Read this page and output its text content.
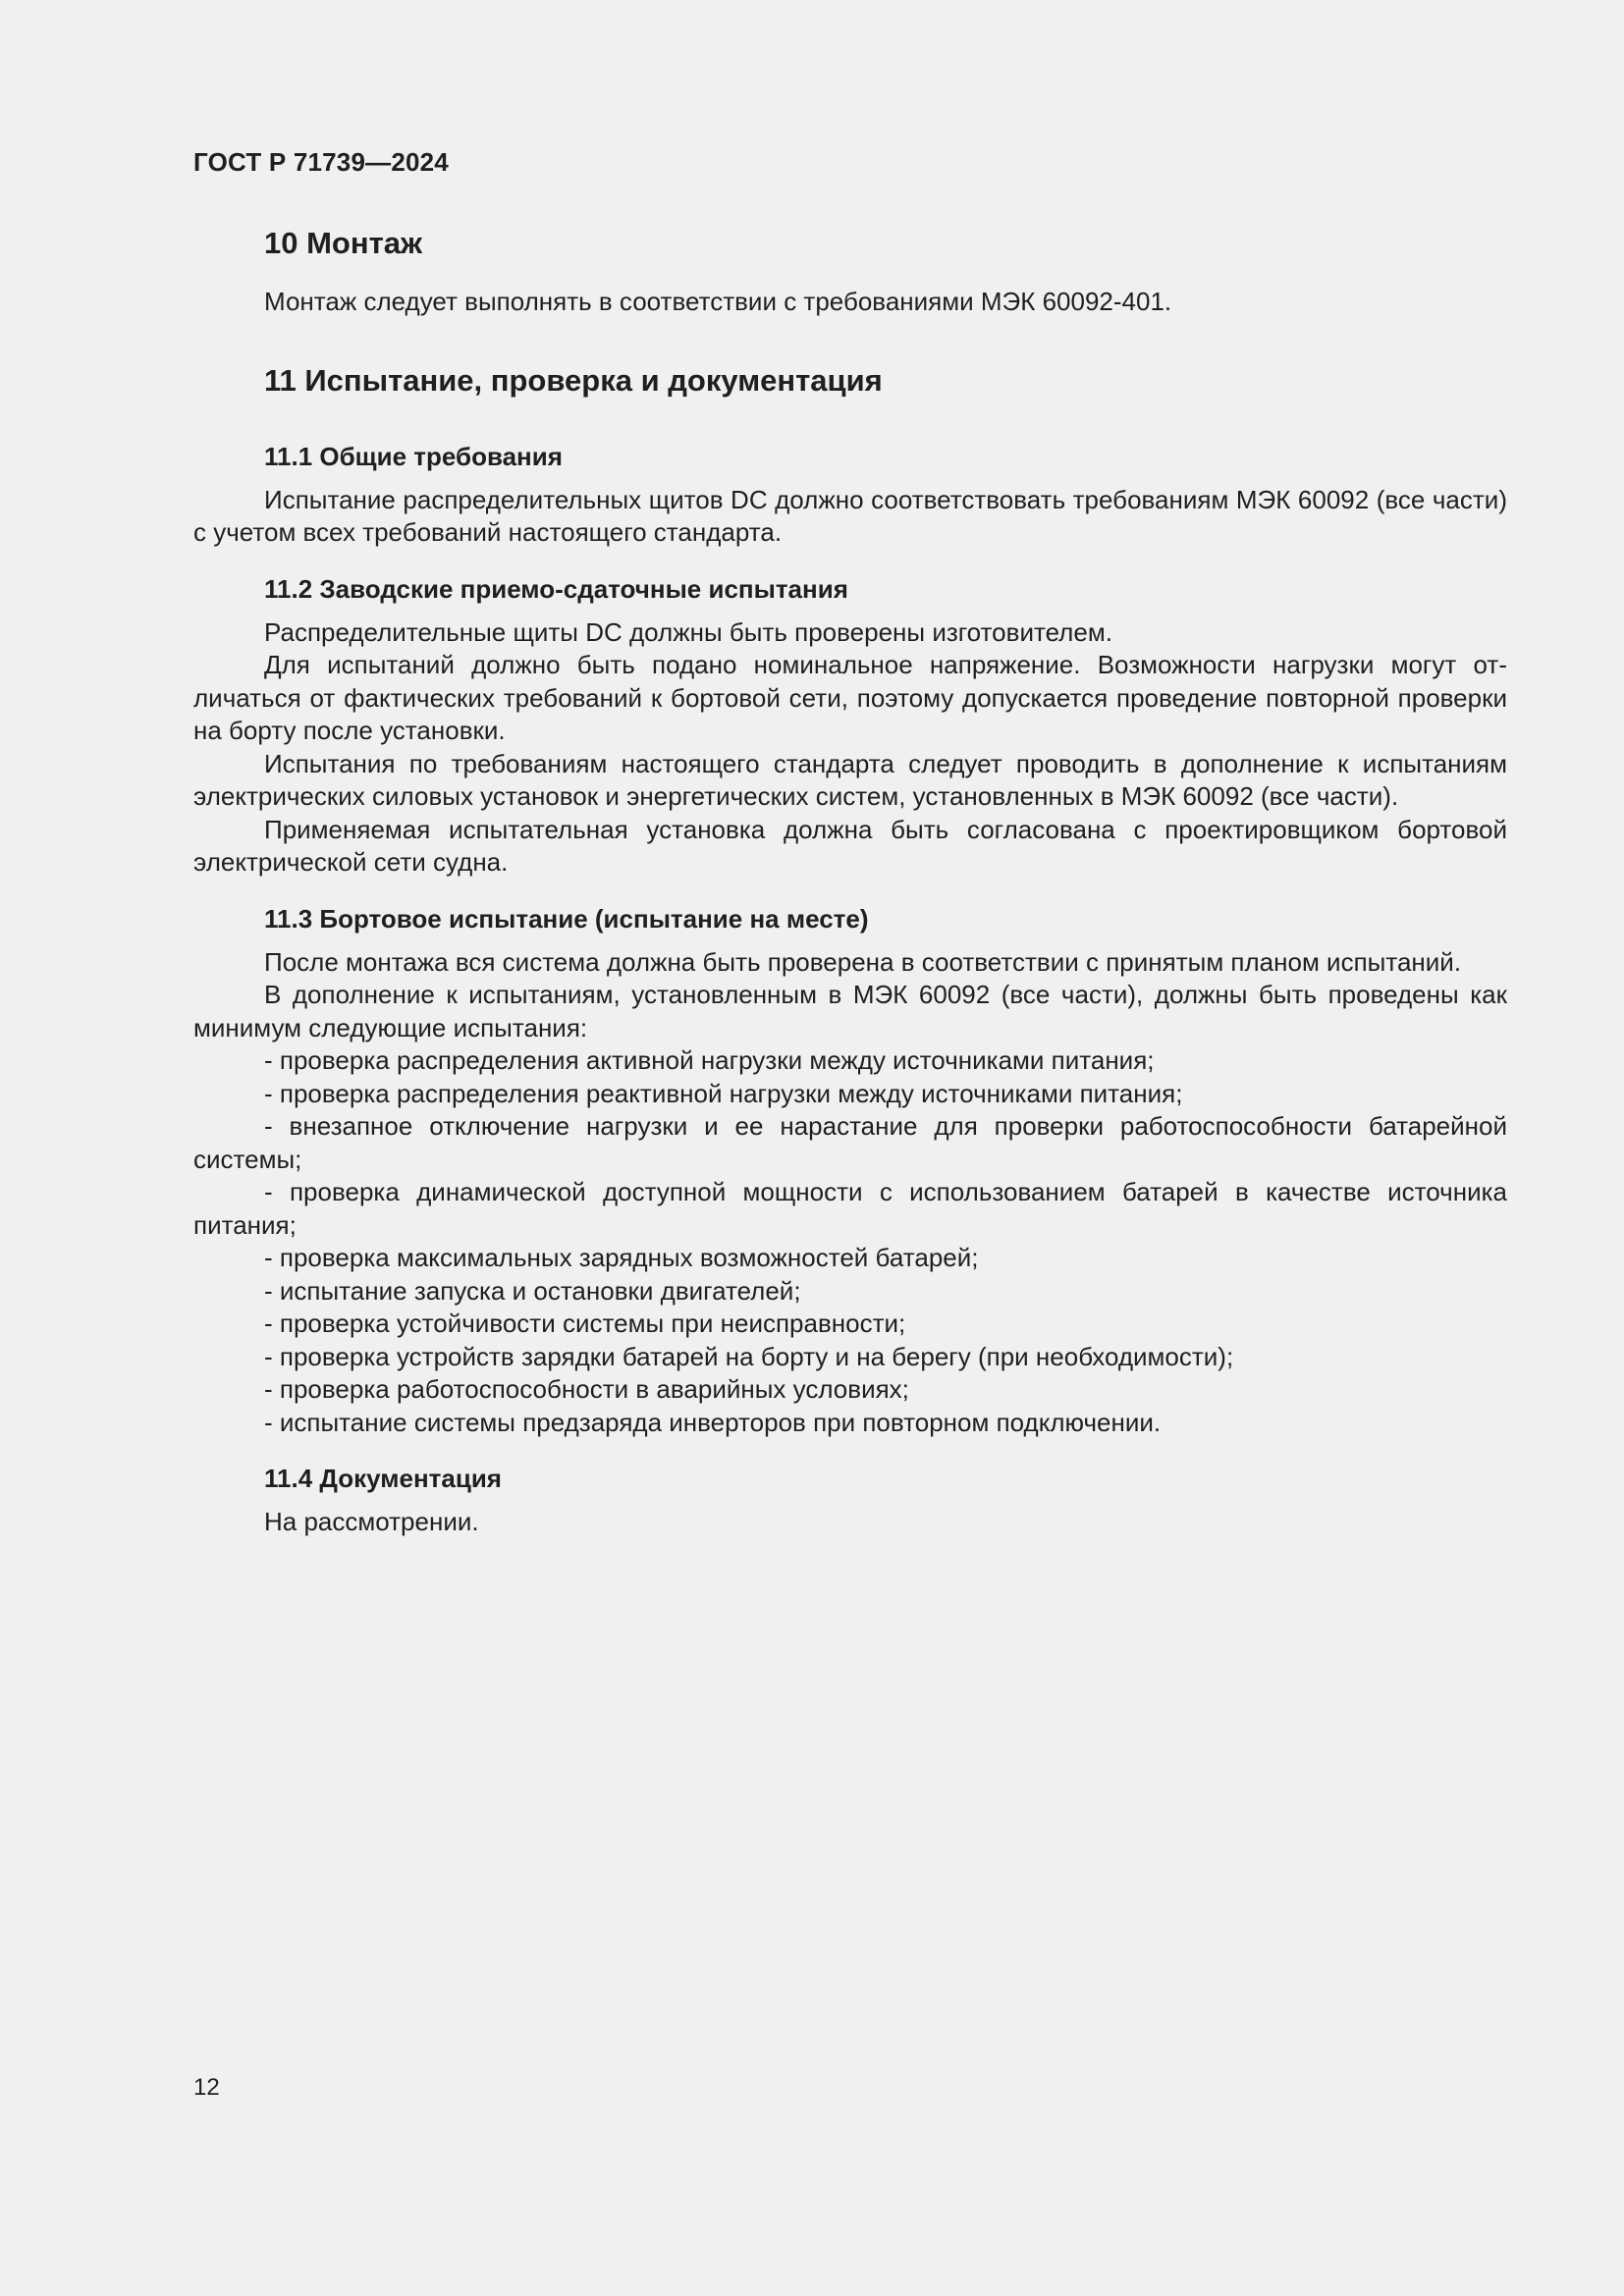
ГОСТ Р 71739—2024
10 Монтаж

Монтаж следует выполнять в соответствии с требованиями МЭК 60092-401.

11 Испытание, проверка и документация
11.1 Общие требования

Испытание распределительных щитов DC должно соответствовать требованиям МЭК 60092 (все части) с учетом всех требований настоящего стандарта.

11.2 Заводские приемо-сдаточные испытания

Распределительные щиты DC должны быть проверены изготовителем.

Для испытаний должно быть подано номинальное напряжение. Возможности нагрузки могут отличаться от фактических требований к бортовой сети, поэтому допускается проведение повторной проверки на борту после установки.

Испытания по требованиям настоящего стандарта следует проводить в дополнение к испытаниям электрических силовых установок и энергетических систем, установленных в МЭК 60092 (все части).

Применяемая испытательная установка должна быть согласована с проектировщиком бортовой электрической сети судна.

11.3 Бортовое испытание (испытание на месте)

После монтажа вся система должна быть проверена в соответствии с принятым планом испытаний.

В дополнение к испытаниям, установленным в МЭК 60092 (все части), должны быть проведены как минимум следующие испытания:

- проверка распределения активной нагрузки между источниками питания;

- проверка распределения реактивной нагрузки между источниками питания;

- внезапное отключение нагрузки и ее нарастание для проверки работоспособности батарейной системы;

- проверка динамической доступной мощности с использованием батарей в качестве источника питания;

- проверка максимальных зарядных возможностей батарей;

- испытание запуска и остановки двигателей;

- проверка устойчивости системы при неисправности;

- проверка устройств зарядки батарей на борту и на берегу (при необходимости);

- проверка работоспособности в аварийных условиях;

- испытание системы предзаряда инверторов при повторном подключении.

11.4 Документация

На рассмотрении.

12
